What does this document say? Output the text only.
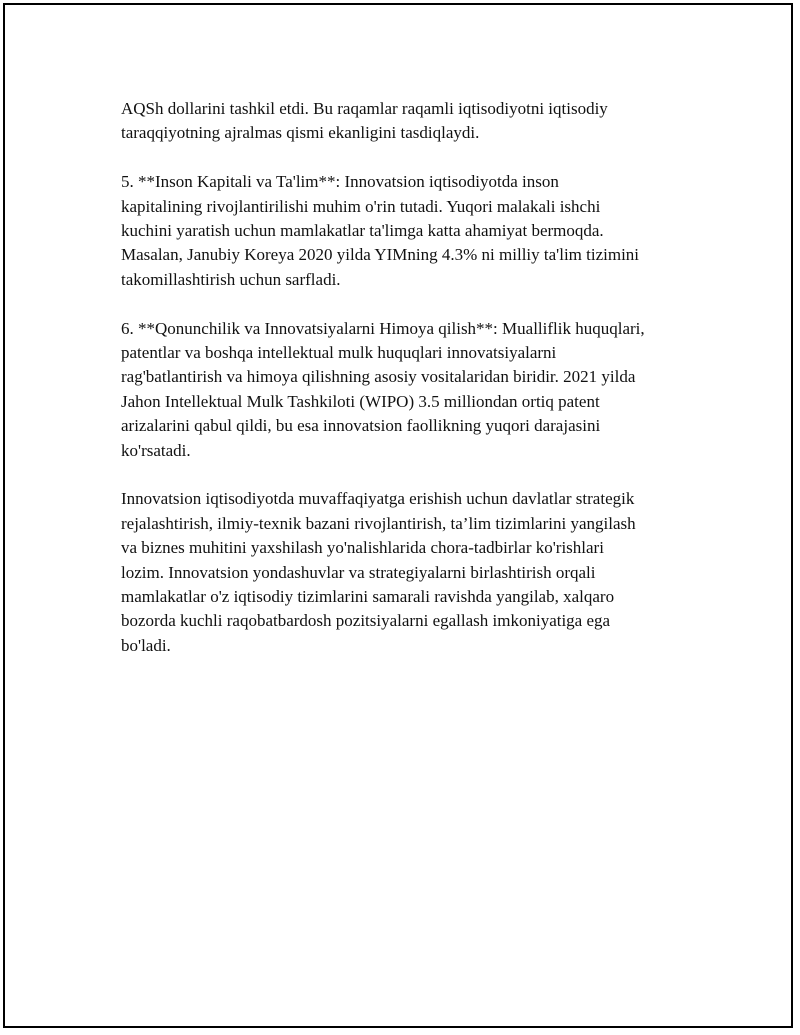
AQSh dollarini tashkil etdi. Bu raqamlar raqamli iqtisodiyotni iqtisodiy
taraqqiyotning ajralmas qismi ekanligini tasdiqlaydi.

5. **Inson Kapitali va Ta'lim**: Innovatsion iqtisodiyotda inson
kapitalining rivojlantirilishi muhim o'rin tutadi. Yuqori malakali ishchi
kuchini yaratish uchun mamlakatlar ta'limga katta ahamiyat bermoqda.
Masalan, Janubiy Koreya 2020 yilda YIMning 4.3% ni milliy ta'lim tizimini
takomillashtirish uchun sarfladi.

6. **Qonunchilik va Innovatsiyalarni Himoya qilish**: Mualliflik huquqlari,
patentlar va boshqa intellektual mulk huquqlari innovatsiyalarni
rag'batlantirish va himoya qilishning asosiy vositalaridan biridir. 2021 yilda
Jahon Intellektual Mulk Tashkiloti (WIPO) 3.5 milliondan ortiq patent
arizalarini qabul qildi, bu esa innovatsion faollikning yuqori darajasini
ko'rsatadi.

Innovatsion iqtisodiyotda muvaffaqiyatga erishish uchun davlatlar strategik
rejalashtirish, ilmiy-texnik bazani rivojlantirish, ta’lim tizimlarini yangilash
va biznes muhitini yaxshilash yo'nalishlarida chora-tadbirlar ko'rishlari
lozim. Innovatsion yondashuvlar va strategiyalarni birlashtirish orqali
mamlakatlar o'z iqtisodiy tizimlarini samarali ravishda yangilab, xalqaro
bozorda kuchli raqobatbardosh pozitsiyalarni egallash imkoniyatiga ega
bo'ladi.
